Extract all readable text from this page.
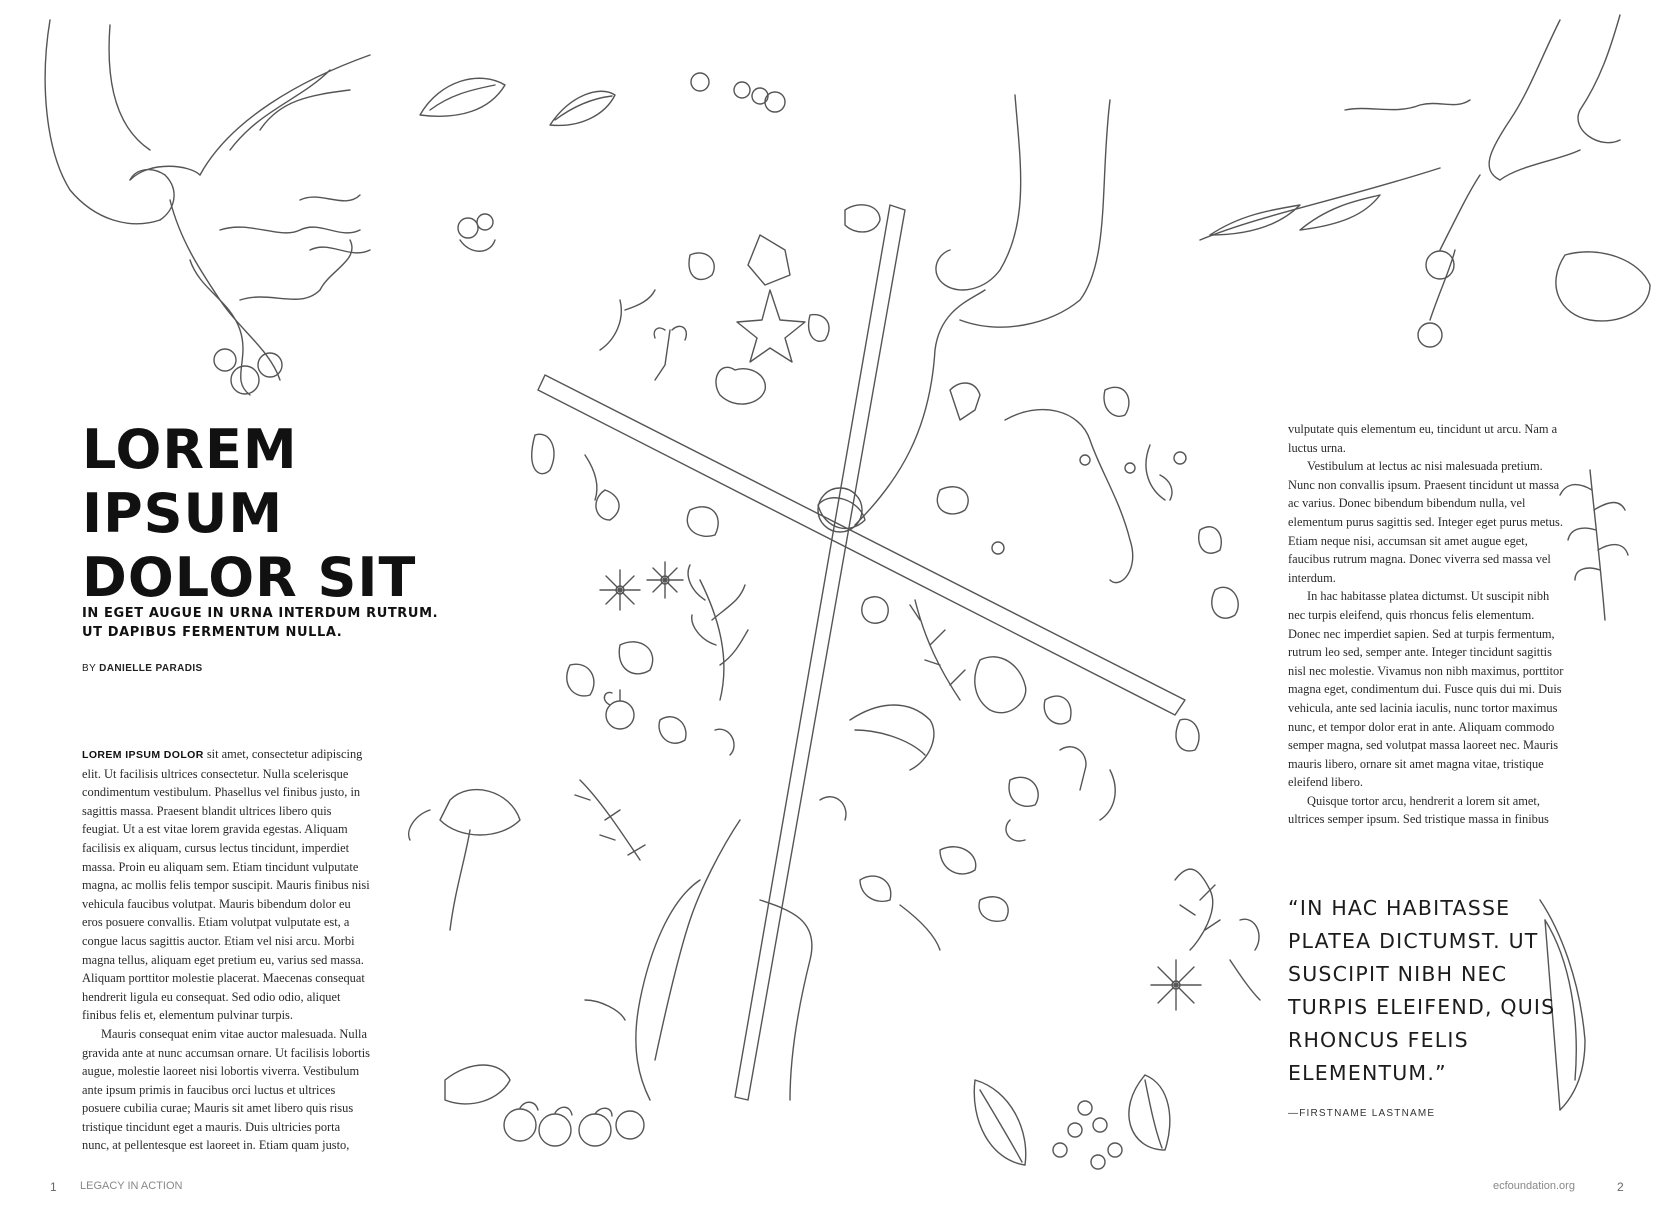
LOREM IPSUM
DOLOR SIT
IN EGET AUGUE IN URNA INTERDUM RUTRUM.
UT DAPIBUS FERMENTUM NULLA.
BY DANIELLE PARADIS

LOREM IPSUM DOLOR sit amet, consectetur adipiscing elit. Ut facilisis ultrices consectetur. Nulla scelerisque condimentum vestibulum. Phasellus vel finibus justo, in sagittis massa. Praesent blandit ultrices libero quis feugiat. Ut a est vitae lorem gravida egestas. Aliquam facilisis ex aliquam, cursus lectus tincidunt, imperdiet massa. Proin eu aliquam sem. Etiam tincidunt vulputate magna, ac mollis felis tempor suscipit. Mauris finibus nisi vehicula faucibus volutpat. Mauris bibendum dolor eu eros posuere convallis. Etiam volutpat vulputate est, a congue lacus sagittis auctor. Etiam vel nisi arcu. Morbi magna tellus, aliquam eget pretium eu, varius sed massa. Aliquam porttitor molestie placerat. Maecenas consequat hendrerit ligula eu consequat. Sed odio odio, aliquet finibus felis et, elementum pulvinar turpis.

Mauris consequat enim vitae auctor malesuada. Nulla gravida ante at nunc accumsan ornare. Ut facilisis lobortis augue, molestie laoreet nisi lobortis viverra. Vestibulum ante ipsum primis in faucibus orci luctus et ultrices posuere cubilia curae; Mauris sit amet libero quis risus tristique tincidunt eget a mauris. Duis ultricies porta nunc, at pellentesque est laoreet in. Etiam quam justo,

vulputate quis elementum eu, tincidunt ut arcu. Nam a luctus urna.

Vestibulum at lectus ac nisi malesuada pretium. Nunc non convallis ipsum. Praesent tincidunt ut massa ac varius. Donec bibendum bibendum nulla, vel elementum purus sagittis sed. Integer eget purus metus. Etiam neque nisi, accumsan sit amet augue eget, faucibus rutrum magna. Donec viverra sed massa vel interdum.

In hac habitasse platea dictumst. Ut suscipit nibh nec turpis eleifend, quis rhoncus felis elementum. Donec nec imperdiet sapien. Sed at turpis fermentum, rutrum leo sed, semper ante. Integer tincidunt sagittis nisl nec molestie. Vivamus non nibh maximus, porttitor magna eget, condimentum dui. Fusce quis dui mi. Duis vehicula, ante sed lacinia iaculis, nunc tortor maximus nunc, et tempor dolor erat in ante. Aliquam commodo semper magna, sed volutpat massa laoreet nec. Mauris mauris libero, ornare sit amet magna vitae, tristique eleifend libero.

Quisque tortor arcu, hendrerit a lorem sit amet, ultrices semper ipsum. Sed tristique massa in finibus

“IN HAC HABITASSE PLATEA DICTUMST. UT SUSCIPIT NIBH NEC TURPIS ELEIFEND, QUIS RHONCUS FELIS ELEMENTUM.”
—FIRSTNAME LASTNAME
1 LEGACY IN ACTION	ecfoundation.org	2
